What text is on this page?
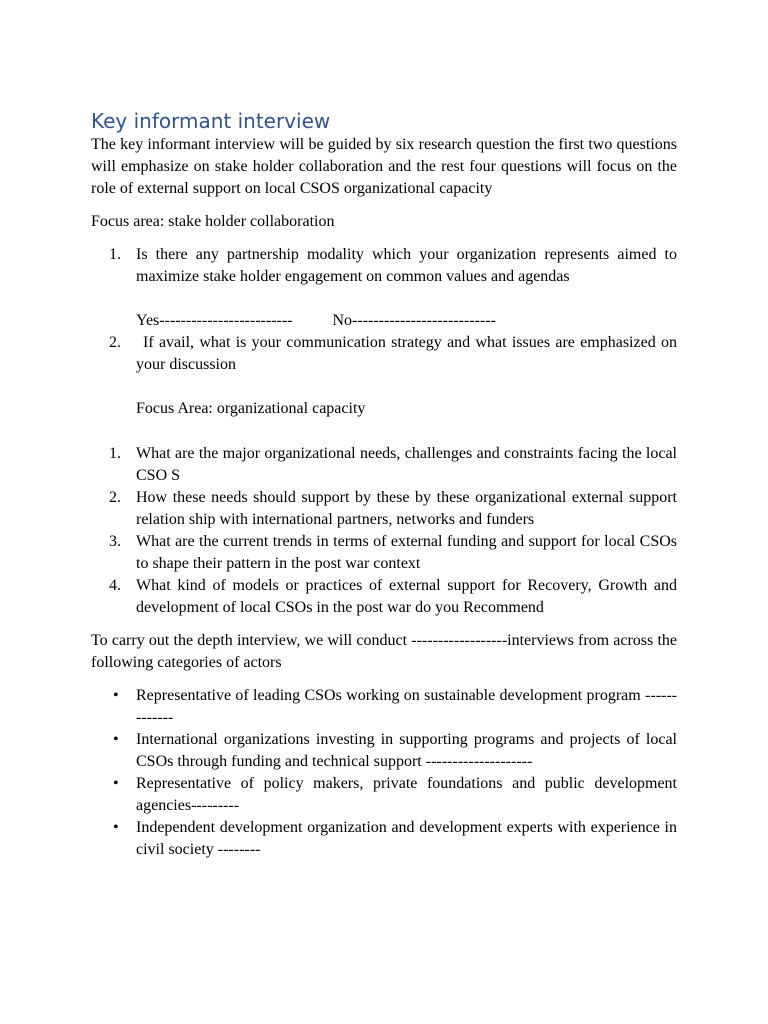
Key informant interview

The key informant interview will be guided by six research question the first two questions will emphasize on stake holder collaboration and the rest four questions will focus on the role of external support on local CSOS organizational capacity

Focus area: stake holder collaboration

1. Is there any partnership modality which your organization represents aimed to maximize stake holder engagement on common values and agendas
Yes-------------------------	No---------------------------
2.	If avail, what is your communication strategy and what issues are emphasized on your discussion
Focus Area: organizational capacity
1. What are the major organizational needs, challenges and constraints facing the local CSO S
2. How these needs should support by these by these organizational external support relation ship with international partners, networks and funders
3. What are the current trends in terms of external funding and support for local CSOs to shape their pattern in the post war context
4. What kind of models or practices of external support for Recovery, Growth and development of local CSOs in the post war do you Recommend

To carry out the depth interview, we will conduct ------------------interviews from across the following categories of actors

• Representative of leading CSOs working on sustainable development program -------------
• International organizations investing in supporting programs and projects of local CSOs through funding and technical support --------------------
• Representative of policy makers, private foundations and public development agencies---------
• Independent development organization and development experts with experience in civil society --------
